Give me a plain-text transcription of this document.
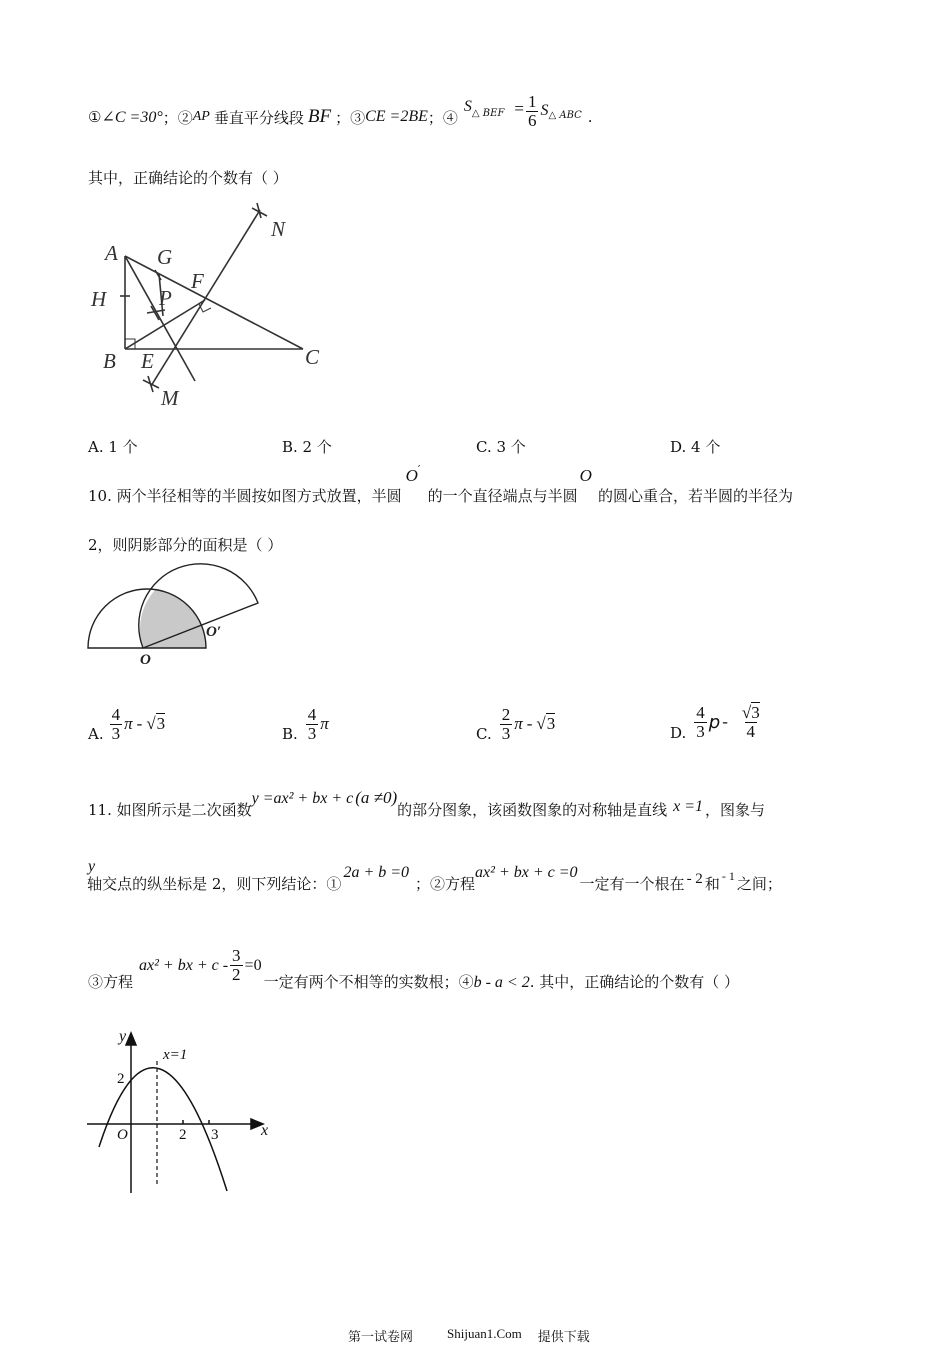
① ∠C =30° ；② AP 垂直平分线段 BF ；③ CE =2BE ；④
S △ BEF = $\frac{1}{6}$ S △ ABC .
其中，正确结论的个数有（ ）
A G
F
N
H	P
B E	C
M
A. 1 个	B. 2 个	C. 3 个	D. 4 个
10. 两个半径相等的半圆按如图方式放置，半圆
O′
的一个直径端点与半圆
O
的圆心重合，若半圆的半径为
2，则阴影部分的面积是（ ）
O
O′
A. $\frac{4}{3}$ π - √3
B. $\frac{4}{3}$ π
C. $\frac{2}{3}$ π - √3	D. $\frac{4}{3}$ p - $\frac{√3}{4}$
11. 如图所示是二次函数
y =ax² + bx + c (a ≠0)
的部分图象，该函数图象的对称轴是直线 x =1 ，图象与
y
轴交点的纵坐标是 2，则下列结论：①
2a + b =0
；②方程
ax² + bx + c =0
一定有一个根在 - 2 和 - 1 之间；
③方程
ax² + bx + $c - \frac{3}{2} =0$
一定有两个不相等的实数根；④ b - a < 2 . 其中，正确结论的个数有（ ）
y
x
O
x=1
2
2 3
第一试卷网	Shijuan1.Com 提供下载
